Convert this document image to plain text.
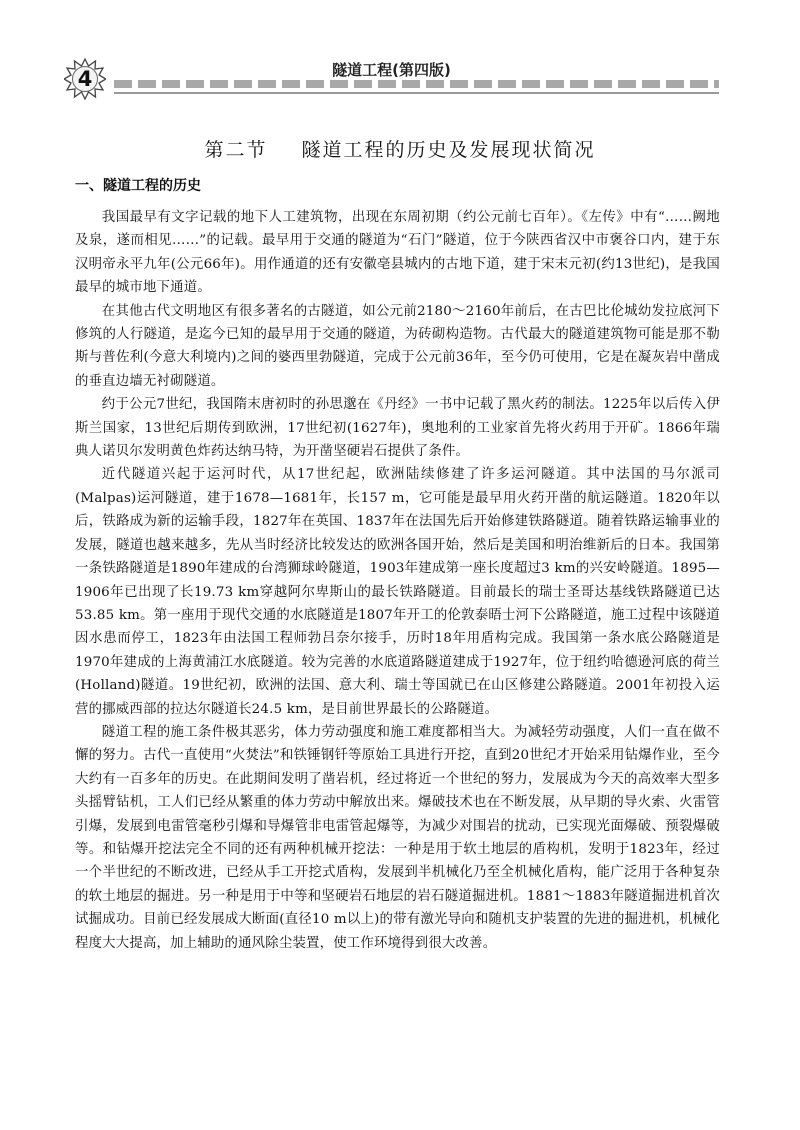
4	隧道工程(第四版)
第二节 隧道工程的历史及发展现状简况
一、隧道工程的历史

我国最早有文字记载的地下人工建筑物，出现在东周初期（约公元前七百年）。《左传》中有“……阙地及泉，遂而相见……”的记载。最早用于交通的隧道为“石门”隧道，位于今陕西省汉中市褒谷口内，建于东汉明帝永平九年(公元66年)。用作通道的还有安徽亳县城内的古地下道，建于宋末元初(约13世纪)，是我国最早的城市地下通道。

在其他古代文明地区有很多著名的古隧道，如公元前2180～2160年前后，在古巴比伦城幼发拉底河下修筑的人行隧道，是迄今已知的最早用于交通的隧道，为砖砌构造物。古代最大的隧道建筑物可能是那不勒斯与普佐利(今意大利境内)之间的婆西里勃隧道，完成于公元前36年，至今仍可使用，它是在凝灰岩中凿成的垂直边墙无衬砌隧道。

约于公元7世纪，我国隋末唐初时的孙思邈在《丹经》一书中记载了黑火药的制法。1225年以后传入伊斯兰国家，13世纪后期传到欧洲，17世纪初(1627年)，奥地利的工业家首先将火药用于开矿。1866年瑞典人诺贝尔发明黄色炸药达纳马特，为开凿坚硬岩石提供了条件。

近代隧道兴起于运河时代，从17世纪起，欧洲陆续修建了许多运河隧道。其中法国的马尔派司(Malpas)运河隧道，建于1678—1681年，长157 m，它可能是最早用火药开凿的航运隧道。1820年以后，铁路成为新的运输手段，1827年在英国、1837年在法国先后开始修建铁路隧道。随着铁路运输事业的发展，隧道也越来越多，先从当时经济比较发达的欧洲各国开始，然后是美国和明治维新后的日本。我国第一条铁路隧道是1890年建成的台湾狮球岭隧道，1903年建成第一座长度超过3 km的兴安岭隧道。1895—1906年已出现了长19.73 km穿越阿尔卑斯山的最长铁路隧道。目前最长的瑞士圣哥达基线铁路隧道已达53.85 km。第一座用于现代交通的水底隧道是1807年开工的伦敦泰晤士河下公路隧道，施工过程中该隧道因水患而停工，1823年由法国工程师勃吕奈尔接手，历时18年用盾构完成。我国第一条水底公路隧道是1970年建成的上海黄浦江水底隧道。较为完善的水底道路隧道建成于1927年，位于纽约哈德逊河底的荷兰(Holland)隧道。19世纪初，欧洲的法国、意大利、瑞士等国就已在山区修建公路隧道。2001年初投入运营的挪威西部的拉达尔隧道长24.5 km，是目前世界最长的公路隧道。

隧道工程的施工条件极其恶劣，体力劳动强度和施工难度都相当大。为减轻劳动强度，人们一直在做不懈的努力。古代一直使用“火焚法”和铁锤钢钎等原始工具进行开挖，直到20世纪才开始采用钻爆作业，至今大约有一百多年的历史。在此期间发明了凿岩机，经过将近一个世纪的努力，发展成为今天的高效率大型多头摇臂钻机，工人们已经从繁重的体力劳动中解放出来。爆破技术也在不断发展，从早期的导火索、火雷管引爆，发展到电雷管毫秒引爆和导爆管非电雷管起爆等，为减少对围岩的扰动，已实现光面爆破、预裂爆破等。和钻爆开挖法完全不同的还有两种机械开挖法：一种是用于软土地层的盾构机，发明于1823年，经过一个半世纪的不断改进，已经从手工开挖式盾构，发展到半机械化乃至全机械化盾构，能广泛用于各种复杂的软土地层的掘进。另一种是用于中等和坚硬岩石地层的岩石隧道掘进机。1881～1883年隧道掘进机首次试掘成功。目前已经发展成大断面(直径10 m以上)的带有激光导向和随机支护装置的先进的掘进机，机械化程度大大提高，加上辅助的通风除尘装置，使工作环境得到很大改善。
